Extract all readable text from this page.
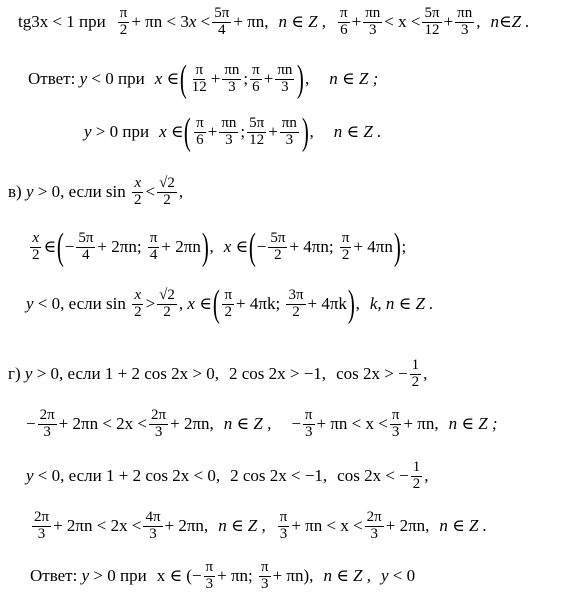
tg3x < 1 при $\frac{\pi}{2} + \pi n < 3$ x
< $\frac{5\pi}{4} + \pi n$, n ∈ Z , $\frac{\pi}{6} + \frac{\pi n}{3} < x < \frac{5\pi}{12} + \frac{\pi n}{3}$ , n∈Z .
Ответ:
y
< 0 при x
∈ ( $\frac{\pi}{12} + \frac{\pi n}{3}$ ; $\frac{\pi}{6} + \frac{\pi n}{3}$ ) , n ∈ Z ;
y
> 0 при x
∈ ( $\frac{\pi}{6} + \frac{\pi n}{3}$ ; $\frac{5\pi}{12} + \frac{\pi n}{3}$ ) , n ∈ Z .
в)
y
> 0, если sin
$\frac{x}{2} < \frac{√2}{2}$ ,
$\frac{x}{2}$ ∈ ( − $\frac{5\pi}{4} + 2\pi n$;
$\frac{\pi}{4} + 2\pi n$ ) , x
∈ ( − $\frac{5\pi}{2} + 4\pi n$;
$\frac{\pi}{2} + 4\pi n$ ) ;
y
< 0, если sin
$\frac{x}{2} > \frac{√2}{2}$ ,
x
∈ ( $\frac{\pi}{2} + 4\pi k$;
$\frac{3\pi}{2} + 4\pi k$ ) , k, n ∈ Z .
г)
y
> 0, если 1 + 2 cos 2x > 0, 2 cos 2x > −1, cos 2x > − $\frac{1}{2}$ ,
− $\frac{2\pi}{3} + 2\pi n < 2x < \frac{2\pi}{3} + 2\pi n$, n ∈ Z , − $\frac{\pi}{3} + \pi n < x < \frac{\pi}{3} + \pi n$, n ∈ Z ;
y
< 0, если
1 + 2 cos 2x < 0, 2 cos 2x < −1, cos 2x < − $\frac{1}{2}$ ,
$\frac{2\pi}{3} + 2\pi n < 2x < \frac{4\pi}{3} + 2\pi n$, n ∈ Z , $\frac{\pi}{3} + \pi n < x < \frac{2\pi}{3} + 2\pi n$, n ∈ Z .
Ответ:
y
> 0 при x ∈ (− $\frac{\pi}{3} + \pi n$;
$\frac{\pi}{3} + \pi n$), n ∈ Z , y
< 0
